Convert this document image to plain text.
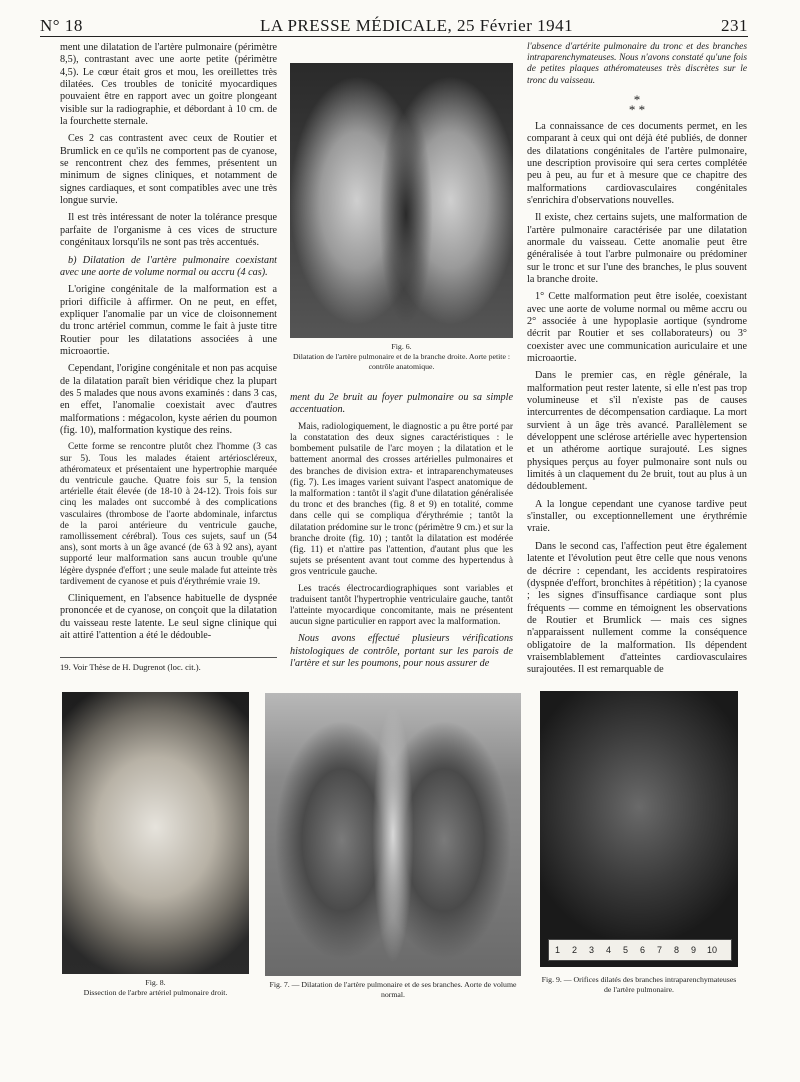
N° 18	LA PRESSE MÉDICALE, 25 Février 1941	231

ment une dilatation de l'artère pulmonaire (périmètre 8,5), contrastant avec une aorte petite (périmètre 4,5). Le cœur était gros et mou, les oreillettes très dilatées. Ces troubles de tonicité myocardiques pouvaient être en rapport avec un goitre plongeant visible sur la radiographie, et débordant à 10 cm. de la fourchette sternale.

Ces 2 cas contrastent avec ceux de Routier et Brumlick en ce qu'ils ne comportent pas de cyanose, se rencontrent chez des femmes, présentent un minimum de signes cliniques, et notamment de signes cardiaques, et sont compatibles avec une très longue survie.

Il est très intéressant de noter la tolérance presque parfaite de l'organisme à ces vices de structure congénitaux lorsqu'ils ne sont pas très accentués.

b) Dilatation de l'artère pulmonaire coexistant avec une aorte de volume normal ou accru (4 cas).

L'origine congénitale de la malformation est a priori difficile à affirmer. On ne peut, en effet, expliquer l'anomalie par un vice de cloisonnement du tronc artériel commun, comme le fait à juste titre Routier pour les dilatations associées à une microaortie.

Cependant, l'origine congénitale et non pas acquise de la dilatation paraît bien véridique chez la plupart des 5 malades que nous avons examinés : dans 3 cas, en effet, l'anomalie coexistait avec d'autres malformations : mégacolon, kyste aérien du poumon (fig. 10), malformation kystique des reins.

Cette forme se rencontre plutôt chez l'homme (3 cas sur 5). Tous les malades étaient artérioscléreux, athéromateux et présentaient une hypertrophie marquée du ventricule gauche. Quatre fois sur 5, la tension artérielle était élevée (de 18-10 à 24-12). Trois fois sur cinq les malades ont succombé à des complications vasculaires (thrombose de l'aorte abdominale, infarctus de la paroi antérieure du ventricule gauche, ramollissement cérébral). Tous ces sujets, sauf un (54 ans), sont morts à un âge avancé (de 63 à 92 ans), ayant supporté leur malformation sans aucun trouble qu'une légère dyspnée d'effort ; une seule malade fut atteinte très tardivement de cyanose et puis d'érythrémie vraie 19.

Cliniquement, en l'absence habituelle de dyspnée prononcée et de cyanose, on conçoit que la dilatation du vaisseau reste latente. Le seul signe clinique qui ait attiré l'attention a été le dédouble-

19. Voir Thèse de H. Dugrenot (loc. cit.).
Fig. 6.
Dilatation de l'artère pulmonaire et de la branche droite. Aorte petite : contrôle anatomique.

ment du 2e bruit au foyer pulmonaire ou sa simple accentuation.

Mais, radiologiquement, le diagnostic a pu être porté par la constatation des deux signes caractéristiques : le bombement pulsatile de l'arc moyen ; la dilatation et le battement anormal des crosses artérielles pulmonaires et des branches de division extra- et intraparenchymateuses (fig. 7). Les images varient suivant l'aspect anatomique de la malformation : tantôt il s'agit d'une dilatation généralisée du tronc et des branches (fig. 8 et 9) en totalité, comme dans celle qui se compliqua d'érythrémie ; tantôt la dilatation prédomine sur le tronc (périmètre 9 cm.) et sur la branche droite (fig. 10) ; tantôt la dilatation est modérée (fig. 11) et n'attire pas l'attention, d'autant plus que les sujets se présentent avant tout comme des hypertendus à gros ventricule gauche.

Les tracés électrocardiographiques sont variables et traduisent tantôt l'hypertrophie ventriculaire gauche, tantôt l'atteinte myocardique concomitante, mais ne présentent aucun signe particulier en rapport avec la malformation.

Nous avons effectué plusieurs vérifications histologiques de contrôle, portant sur les parois de l'artère et sur les poumons, pour nous assurer de

l'absence d'artérite pulmonaire du tronc et des branches intraparenchymateuses. Nous n'avons constaté qu'une fois de petites plaques athéromateuses très discrètes sur le tronc du vaisseau.

*
* *

La connaissance de ces documents permet, en les comparant à ceux qui ont déjà été publiés, de donner des dilatations congénitales de l'artère pulmonaire, une description provisoire qui sera certes complétée peu à peu, au fur et à mesure que ce chapitre des malformations cardiovasculaires congénitales s'enrichira d'observations nouvelles.

Il existe, chez certains sujets, une malformation de l'artère pulmonaire caractérisée par une dilatation anormale du vaisseau. Cette anomalie peut être généralisée à tout l'arbre pulmonaire ou prédominer sur le tronc et sur l'une des branches, le plus souvent la branche droite.

1° Cette malformation peut être isolée, coexistant avec une aorte de volume normal ou même accru ou 2° associée à une hypoplasie aortique (syndrome décrit par Routier et ses collaborateurs) ou 3° coexister avec une communication auriculaire et une microaortie.

Dans le premier cas, en règle générale, la malformation peut rester latente, si elle n'est pas trop volumineuse et s'il n'existe pas de causes intercurrentes de décompensation cardiaque. La mort survient à un âge très avancé. Parallèlement se développent une sclérose artérielle avec hypertension et un athérome aortique surajouté. Les signes physiques perçus au foyer pulmonaire sont nuls ou limités à un claquement du 2e bruit, tout au plus à un dédoublement.

A la longue cependant une cyanose tardive peut s'installer, ou exceptionnellement une érythrémie vraie.

Dans le second cas, l'affection peut être également latente et l'évolution peut être celle que nous venons de décrire : cependant, les accidents respiratoires (dyspnée d'effort, bronchites à répétition) ; la cyanose ; les signes d'insuffisance cardiaque sont plus fréquents — comme en témoignent les observations de Routier et Brumlick — mais ces signes n'apparaissent nullement comme la conséquence obligatoire de la malformation. Ils dépendent vraisemblablement d'atteintes cardiovasculaires surajoutées. Il est remarquable de

Fig. 8.
Dissection de l'arbre artériel pulmonaire droit.
Fig. 7. — Dilatation de l'artère pulmonaire et de ses branches. Aorte de volume normal.
1 2 3 4 5 6 7 8 9 10
Fig. 9. — Orifices dilatés des branches intraparenchymateuses de l'artère pulmonaire.
